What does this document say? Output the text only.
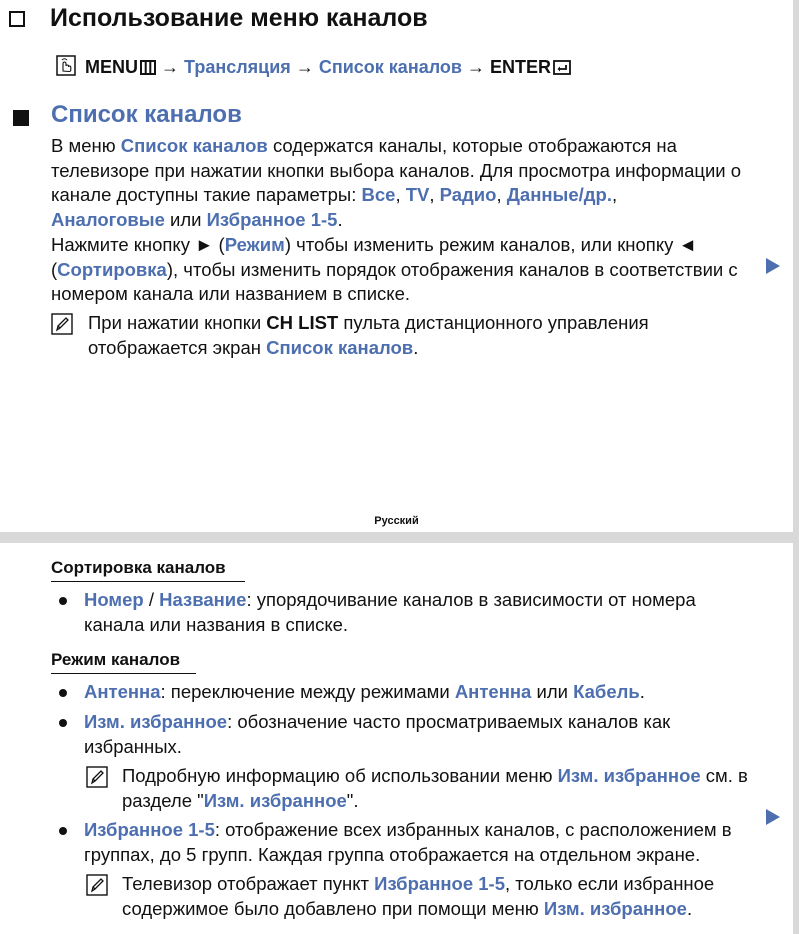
Использование меню каналов
MENU → Трансляция → Список каналов → ENTER
Список каналов
В меню Список каналов содержатся каналы, которые отображаются на телевизоре при нажатии кнопки выбора каналов. Для просмотра информации о канале доступны такие параметры: Все, TV, Радио, Данные/др.,
Аналоговые или Избранное 1-5.
Нажмите кнопку ► (Режим) чтобы изменить режим каналов, или кнопку ◄ (Сортировка), чтобы изменить порядок отображения каналов в соответствии с номером канала или названием в списке.
При нажатии кнопки CH LIST пульта дистанционного управления отображается экран Список каналов.
Русский
Сортировка каналов
Номер / Название: упорядочивание каналов в зависимости от номера канала или названия в списке.
Режим каналов
Антенна: переключение между режимами Антенна или Кабель.
Изм. избранное: обозначение часто просматриваемых каналов как избранных.
Подробную информацию об использовании меню Изм. избранное см. в разделе "Изм. избранное".
Избранное 1-5: отображение всех избранных каналов, с расположением в группах, до 5 групп. Каждая группа отображается на отдельном экране.
Телевизор отображает пункт Избранное 1-5, только если избранное содержимое было добавлено при помощи меню Изм. избранное.
